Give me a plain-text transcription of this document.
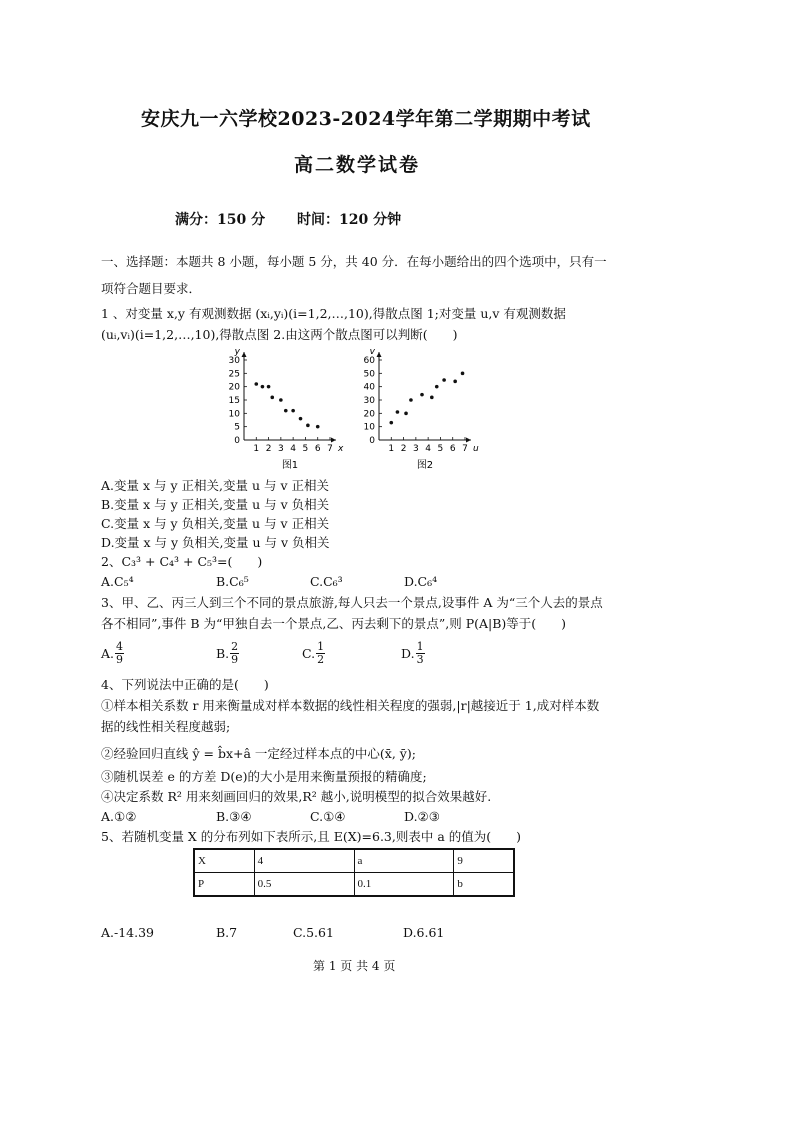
安庆九一六学校2023-2024学年第二学期期中考试
高二数学试卷
满分：150 分 时间：120 分钟
一、选择题：本题共 8 小题，每小题 5 分，共 40 分．在每小题给出的四个选项中，只有一
项符合题目要求．
1 、对变量 x,y 有观测数据 (xᵢ,yᵢ)(i=1,2,…,10),得散点图 1;对变量 u,v 有观测数据
(uᵢ,vᵢ)(i=1,2,…,10),得散点图 2.由这两个散点图可以判断(　　)
y
x
1 2 3 4 5 6 7
0
5
10
15
20
25
30
图1
v
u
1 2 3 4 5 6 7
0
10
20
30
40
50
60
图2
A.变量 x 与 y 正相关,变量 u 与 v 正相关
B.变量 x 与 y 正相关,变量 u 与 v 负相关
C.变量 x 与 y 负相关,变量 u 与 v 正相关
D.变量 x 与 y 负相关,变量 u 与 v 负相关
2、C₃³ + C₄³ + C₅³=(　　)
A.C₅⁴	B.C₆⁵	C.C₆³	D.C₆⁴
3、甲、乙、丙三人到三个不同的景点旅游,每人只去一个景点,设事件 A 为“三个人去的景点
各不相同”,事件 B 为“甲独自去一个景点,乙、丙去剩下的景点”,则 P(A|B)等于(　　)
A. $\frac{4}{9}$	B. $\frac{2}{9}$	C. $\frac{1}{2}$	D. $\frac{1}{3}$
4、下列说法中正确的是(　　)
①样本相关系数 r 用来衡量成对样本数据的线性相关程度的强弱,|r|越接近于 1,成对样本数
据的线性相关程度越弱;
②经验回归直线 ŷ = b̂x+â 一定经过样本点的中心(x̄, ȳ);
③随机误差 e 的方差 D(e)的大小是用来衡量预报的精确度;
④决定系数 R² 用来刻画回归的效果,R² 越小,说明模型的拟合效果越好.
A.①②	B.③④	C.①④	D.②③
5、若随机变量 X 的分布列如下表所示,且 E(X)=6.3,则表中 a 的值为(　　)
X	4	a	9
P	0.5	0.1	b
A.-14.39	B.7	C.5.61	D.6.61
第 1 页 共 4 页
